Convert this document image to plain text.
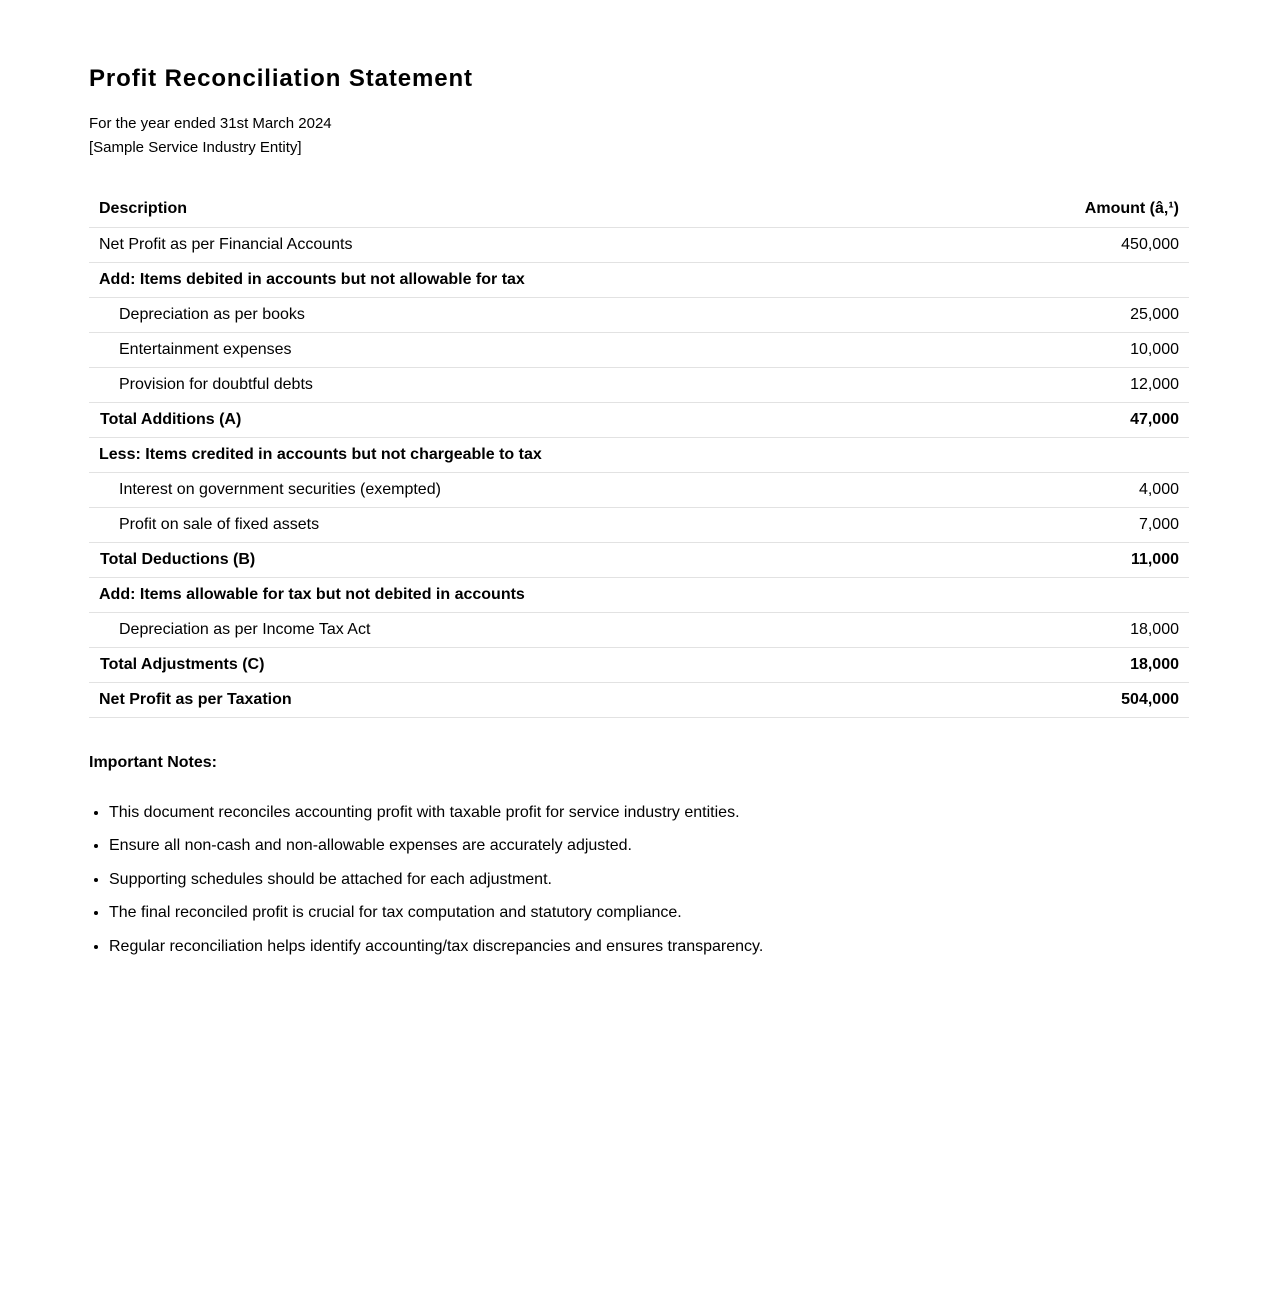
Profit Reconciliation Statement
For the year ended 31st March 2024
[Sample Service Industry Entity]
Description	Amount (â‚¹)
Net Profit as per Financial Accounts	450,000
Add: Items debited in accounts but not allowable for tax	
Depreciation as per books	25,000
Entertainment expenses	10,000
Provision for doubtful debts	12,000
Total Additions (A)	47,000
Less: Items credited in accounts but not chargeable to tax	
Interest on government securities (exempted)	4,000
Profit on sale of fixed assets	7,000
Total Deductions (B)	11,000
Add: Items allowable for tax but not debited in accounts	
Depreciation as per Income Tax Act	18,000
Total Adjustments (C)	18,000
Net Profit as per Taxation	504,000
Important Notes:
• This document reconciles accounting profit with taxable profit for service industry entities.
• Ensure all non-cash and non-allowable expenses are accurately adjusted.
• Supporting schedules should be attached for each adjustment.
• The final reconciled profit is crucial for tax computation and statutory compliance.
• Regular reconciliation helps identify accounting/tax discrepancies and ensures transparency.
